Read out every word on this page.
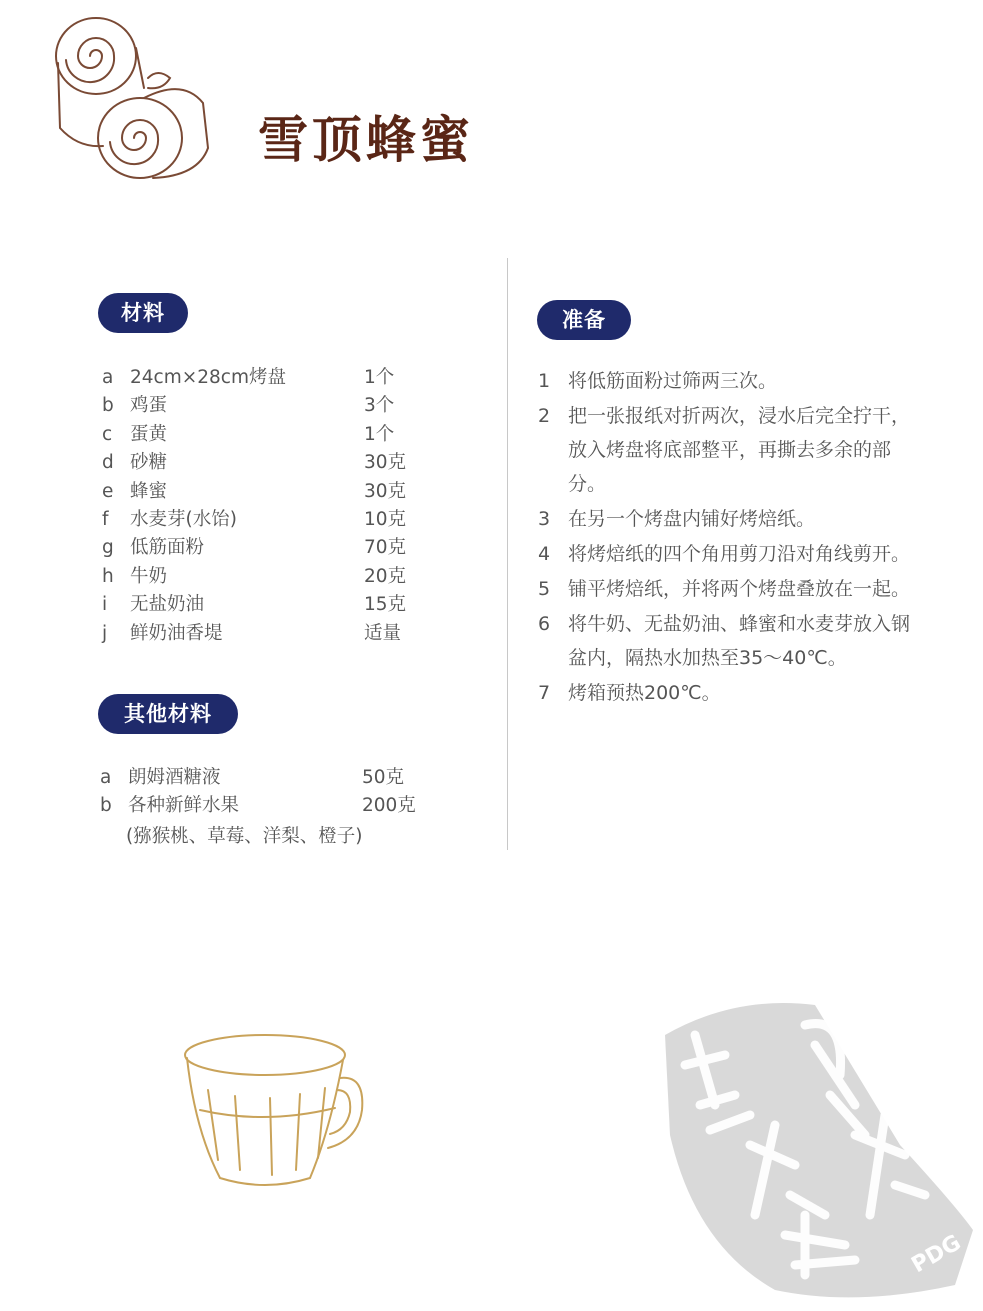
雪顶蜂蜜
材料
a 24cm×28cm烤盘	1个
b 鸡蛋	3个
c 蛋黄	1个
d 砂糖	30克
e 蜂蜜	30克
f 水麦芽(水饴)	10克
g 低筋面粉	70克
h 牛奶	20克
i 无盐奶油	15克
j 鲜奶油香堤	适量
其他材料
a 朗姆酒糖液	50克
b 各种新鲜水果	200克
(猕猴桃、草莓、洋梨、橙子)
准备
1 将低筋面粉过筛两三次。
2 把一张报纸对折两次，浸水后完全拧干，放入烤盘将底部整平，再撕去多余的部分。
3 在另一个烤盘内铺好烤焙纸。
4 将烤焙纸的四个角用剪刀沿对角线剪开。
5 铺平烤焙纸，并将两个烤盘叠放在一起。
6 将牛奶、无盐奶油、蜂蜜和水麦芽放入钢盆内，隔热水加热至35～40℃。
7 烤箱预热200℃。
PDG
